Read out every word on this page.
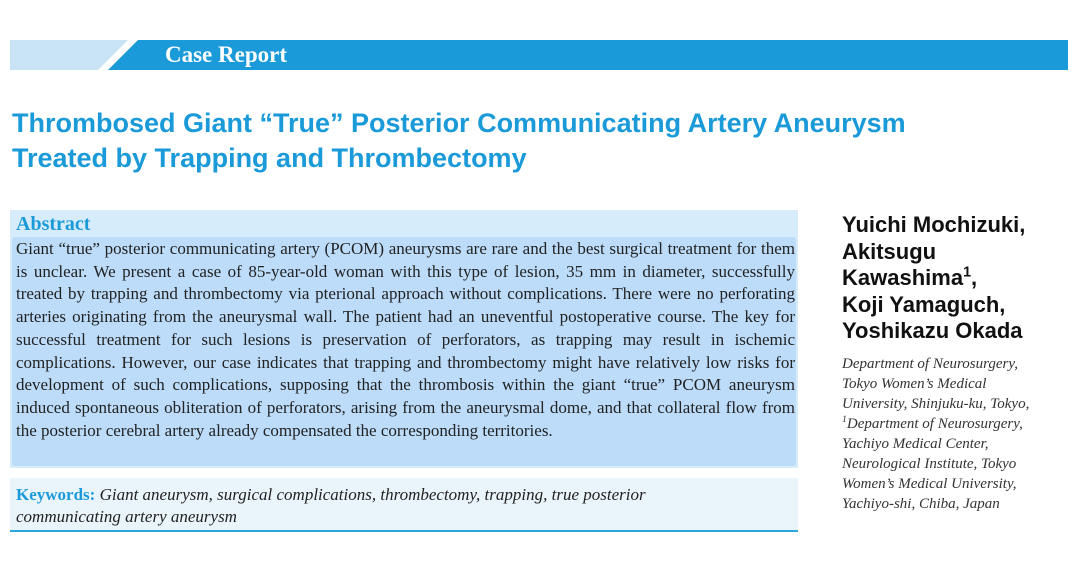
Case Report
Thrombosed Giant “True” Posterior Communicating Artery Aneurysm
Treated by Trapping and Thrombectomy
Abstract

Giant “true” posterior communicating artery (PCOM) aneurysms are rare and the best surgical treatment for them is unclear. We present a case of 85-year-old woman with this type of lesion, 35 mm in diameter, successfully treated by trapping and thrombectomy via pterional approach without complications. There were no perforating arteries originating from the aneurysmal wall. The patient had an uneventful postoperative course. The key for successful treatment for such lesions is preservation of perforators, as trapping may result in ischemic complications. However, our case indicates that trapping and thrombectomy might have relatively low risks for development of such complications, supposing that the thrombosis within the giant “true” PCOM aneurysm induced spontaneous obliteration of perforators, arising from the aneurysmal dome, and that collateral flow from the posterior cerebral artery already compensated the corresponding territories.

Keywords: Giant aneurysm, surgical complications, thrombectomy, trapping, true posterior communicating artery aneurysm

Yuichi Mochizuki,
Akitsugu
Kawashima$^1$,
Koji Yamaguch,
Yoshikazu Okada
Department of Neurosurgery,
Tokyo Women’s Medical
University, Shinjuku-ku, Tokyo,
$^1$Department of Neurosurgery,
Yachiyo Medical Center,
Neurological Institute, Tokyo
Women’s Medical University,
Yachiyo-shi, Chiba, Japan
